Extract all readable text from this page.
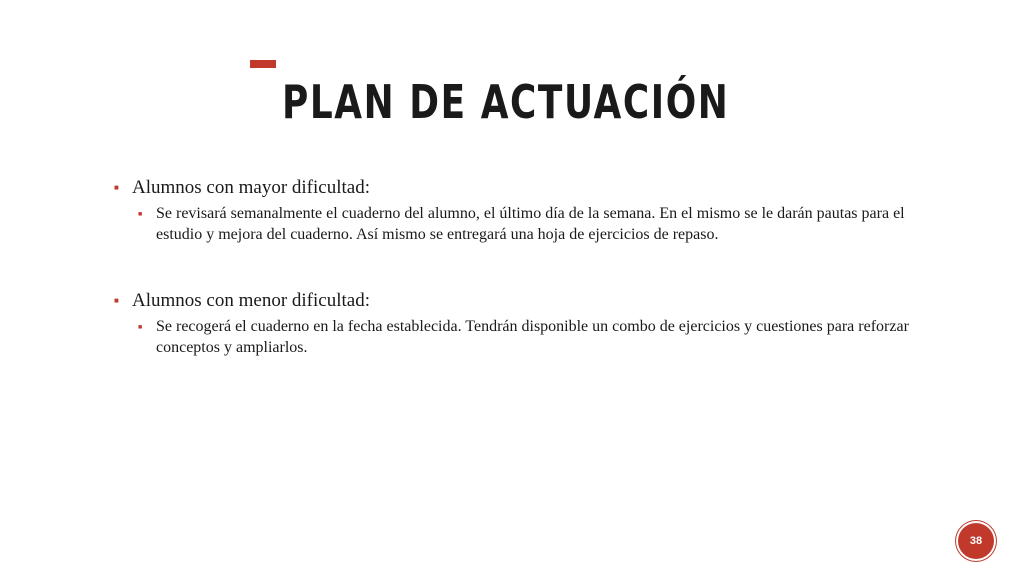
PLAN DE ACTUACIÓN
■ Alumnos con mayor dificultad:
■ Se revisará semanalmente el cuaderno del alumno, el último día de la semana. En el mismo se le darán pautas para el estudio y mejora del cuaderno. Así mismo se entregará una hoja de ejercicios de repaso.
■ Alumnos con menor dificultad:
■ Se recogerá el cuaderno en la fecha establecida. Tendrán disponible un combo de ejercicios y cuestiones para reforzar conceptos y ampliarlos.
38
